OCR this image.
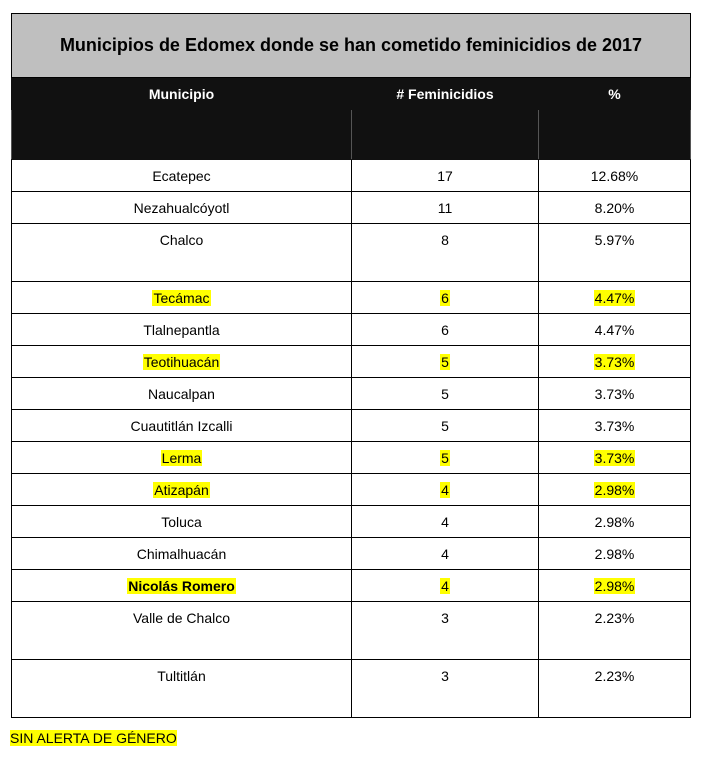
Municipios de Edomex donde se han cometido feminicidios de 2017		
Municipio	# Feminicidios	%

Ecatepec	17	12.68%
Nezahualcóyotl	11	8.20%
Chalco	8	5.97%
Tecámac	6	4.47%
Tlalnepantla	6	4.47%
Teotihuacán	5	3.73%
Naucalpan	5	3.73%
Cuautitlán Izcalli	5	3.73%
Lerma	5	3.73%
Atizapán	4	2.98%
Toluca	4	2.98%
Chimalhuacán	4	2.98%
Nicolás Romero	4	2.98%
Valle de Chalco	3	2.23%
Tultitlán	3	2.23%
SIN ALERTA DE GÉNERO
